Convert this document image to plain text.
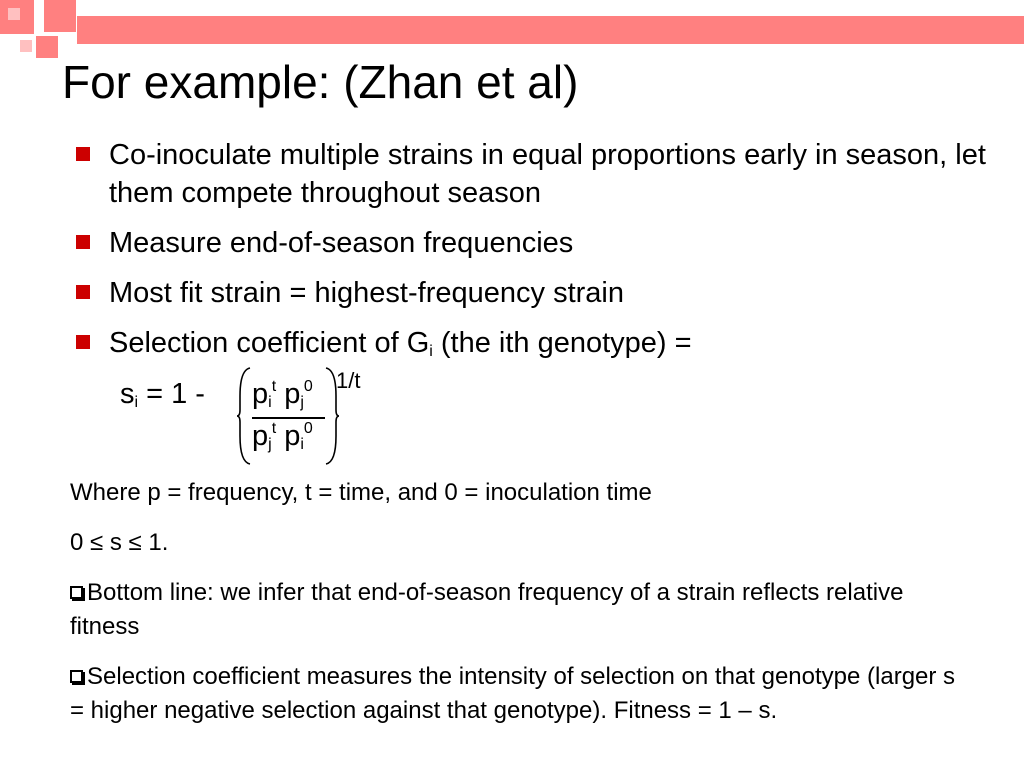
For example: (Zhan et al)
Co-inoculate multiple strains in equal proportions early in season, let them compete throughout season
Measure end-of-season frequencies
Most fit strain = highest-frequency strain
Selection coefficient of $G_i$ (the ith genotype) =
$s_i = 1 - p_i^t$ $p_j^0$
$p_j^t$ $p_i^0$
1/t
Where p = frequency, t = time, and 0 = inoculation time
0 ≤ s ≤ 1.
Bottom line: we infer that end-of-season frequency of a strain reflects relative fitness
Selection coefficient measures the intensity of selection on that genotype (larger s = higher negative selection against that genotype). Fitness = 1 – s.
